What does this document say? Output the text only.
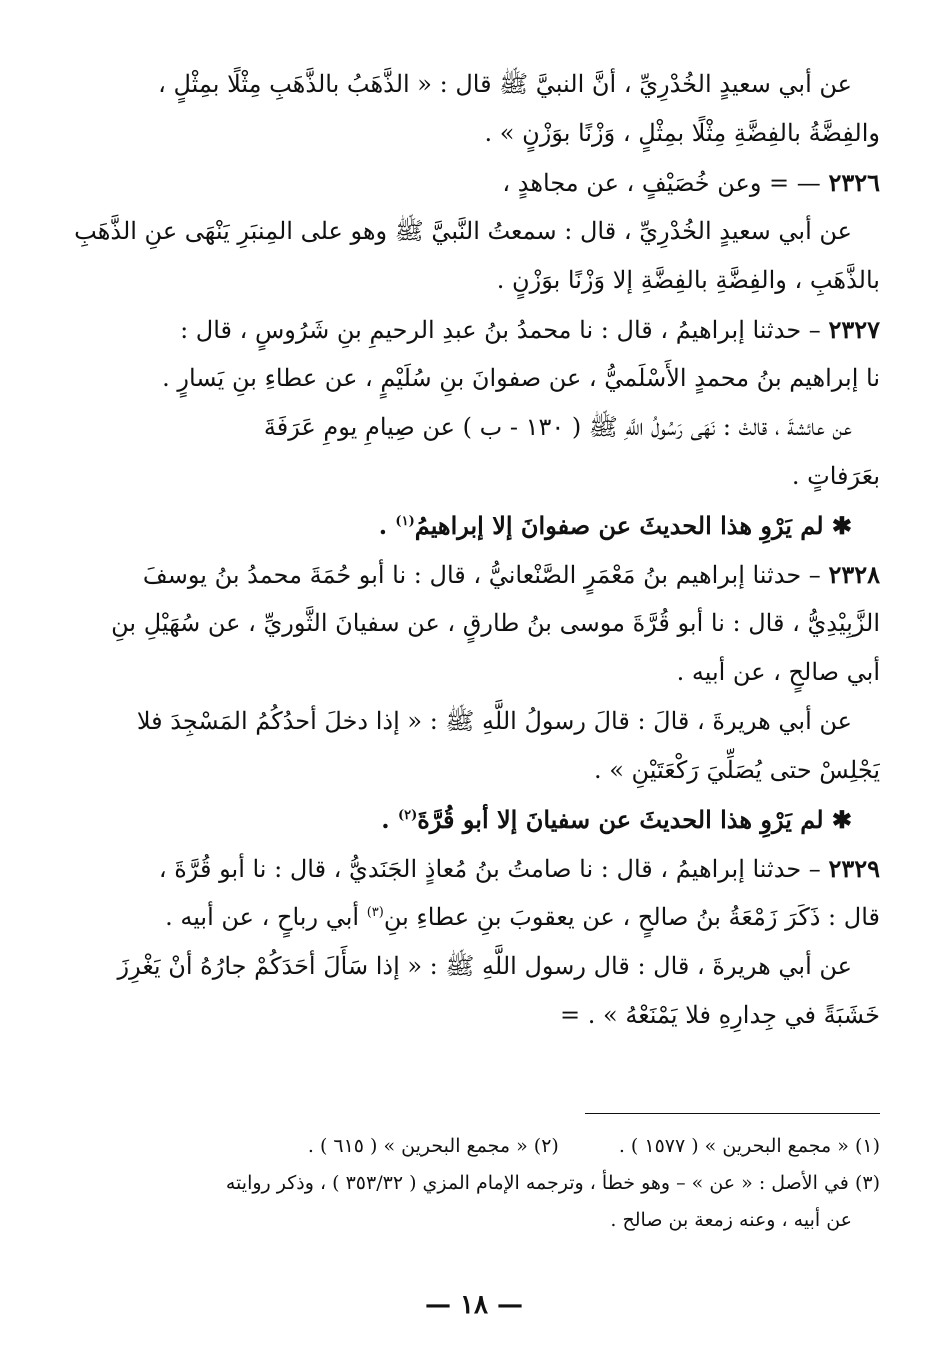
عن أبي سعيدٍ الخُدْرِيِّ ، أنَّ النبيَّ ﷺ قال : « الذَّهَبُ بالذَّهَبِ مِثْلًا بمِثْلٍ ،
والفِضَّةُ بالفِضَّةِ مِثْلًا بمِثْلٍ ، وَزْنًا بوَزْنٍ » .
٢٣٢٦ — = وعن خُصَيْفٍ ، عن مجاهدٍ ،
عن أبي سعيدٍ الخُدْرِيِّ ، قال : سمعتُ النَّبيَّ ﷺ وهو على المِنبَرِ يَنْهَى عنِ الذَّهَبِ
بالذَّهَبِ ، والفِضَّةِ بالفِضَّةِ إلا وَزْنًا بوَزْنٍ .
٢٣٢٧ – حدثنا إبراهيمُ ، قال : نا محمدُ بنُ عبدِ الرحيمِ بنِ شَرُوسٍ ، قال :
نا إبراهيم بنُ محمدٍ الأَسْلَميُّ ، عن صفوانَ بنِ سُلَيْمٍ ، عن عطاءِ بنِ يَسارٍ .
عن عائشةَ ، قالتْ : نَهَى رَسُولُ اللَّهِ ﷺ ( ١٣٠ - ب ) عن صِيامِ يومِ عَرَفَةَ
بعَرَفاتٍ .
✱ لم يَرْوِ هذا الحديثَ عن صفوانَ إلا إبراهيمُ$^{(١)}$ .
٢٣٢٨ – حدثنا إبراهيم بنُ مَعْمَرٍ الصَّنْعانيُّ ، قال : نا أبو حُمَةَ محمدُ بنُ يوسفَ
الزَّبِيْدِيُّ ، قال : نا أبو قُرَّةَ موسى بنُ طارقٍ ، عن سفيانَ الثَّوريِّ ، عن سُهَيْلِ بنِ
أبي صالحٍ ، عن أبيه .
عن أبي هريرةَ ، قالَ : قالَ رسولُ اللَّهِ ﷺ : « إذا دخلَ أحدُكُمُ المَسْجِدَ فلا
يَجْلِسْ حتى يُصَلِّيَ رَكْعَتَيْنِ » .
✱ لم يَرْوِ هذا الحديثَ عن سفيانَ إلا أبو قُرَّةَ$^{(٢)}$ .
٢٣٢٩ – حدثنا إبراهيمُ ، قال : نا صامتُ بنُ مُعاذٍ الجَنَديُّ ، قال : نا أبو قُرَّةَ ،
قال : ذَكَرَ زَمْعَةُ بنُ صالحٍ ، عن يعقوبَ بنِ عطاءِ بنِ$^{(٣)}$ أبي رباحٍ ، عن أبيه .
عن أبي هريرةَ ، قال : قال رسول اللَّهِ ﷺ : « إذا سَأَلَ أحَدَكُمْ جارُهُ أنْ يَغْرِزَ
خَشَبَةً في جِدارِهِ فلا يَمْنَعْهُ » . =
(١) « مجمع البحرين » ( ١٥٧٧ ) .
(٢) « مجمع البحرين » ( ٦١٥ ) .
(٣) في الأصل : « عن » – وهو خطأ ، وترجمه الإمام المزي ( ٣٥٣/٣٢ ) ، وذكر روايته
عن أبيه ، وعنه زمعة بن صالح .
— ١٨ —
